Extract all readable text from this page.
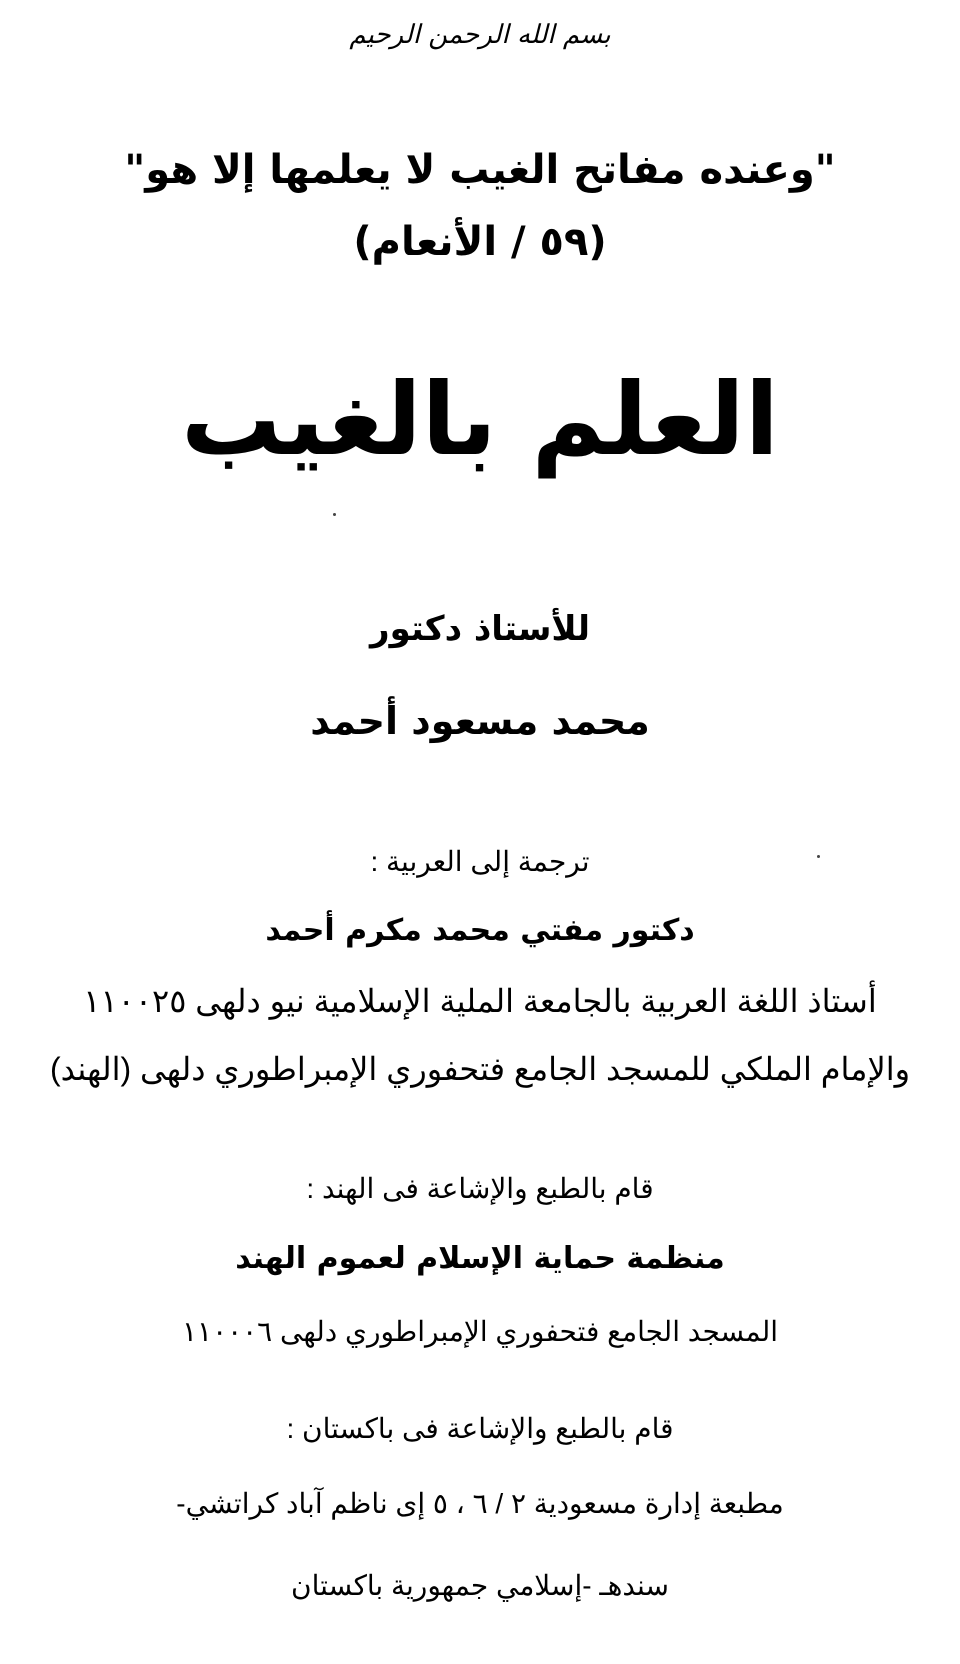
بسم الله الرحمن الرحيم
"وعنده مفاتح الغيب لا يعلمها إلا هو"
(٥٩ / الأنعام)
العلم بالغيب
للأستاذ دكتور
محمد مسعود أحمد
ترجمة إلى العربية :
دكتور مفتي محمد مكرم أحمد
أستاذ اللغة العربية بالجامعة الملية الإسلامية نيو دلهى ١١٠٠٢٥
والإمام الملكي للمسجد الجامع فتحفوري الإمبراطوري دلهى (الهند)
قام بالطبع والإشاعة فى الهند :
منظمة حماية الإسلام لعموم الهند
المسجد الجامع فتحفوري الإمبراطوري دلهى ١١٠٠٠٦
قام بالطبع والإشاعة فى باكستان :
مطبعة إدارة مسعودية ٢ / ٦ ، ٥ إى ناظم آباد كراتشي-
سندهـ -إسلامي جمهورية باكستان
